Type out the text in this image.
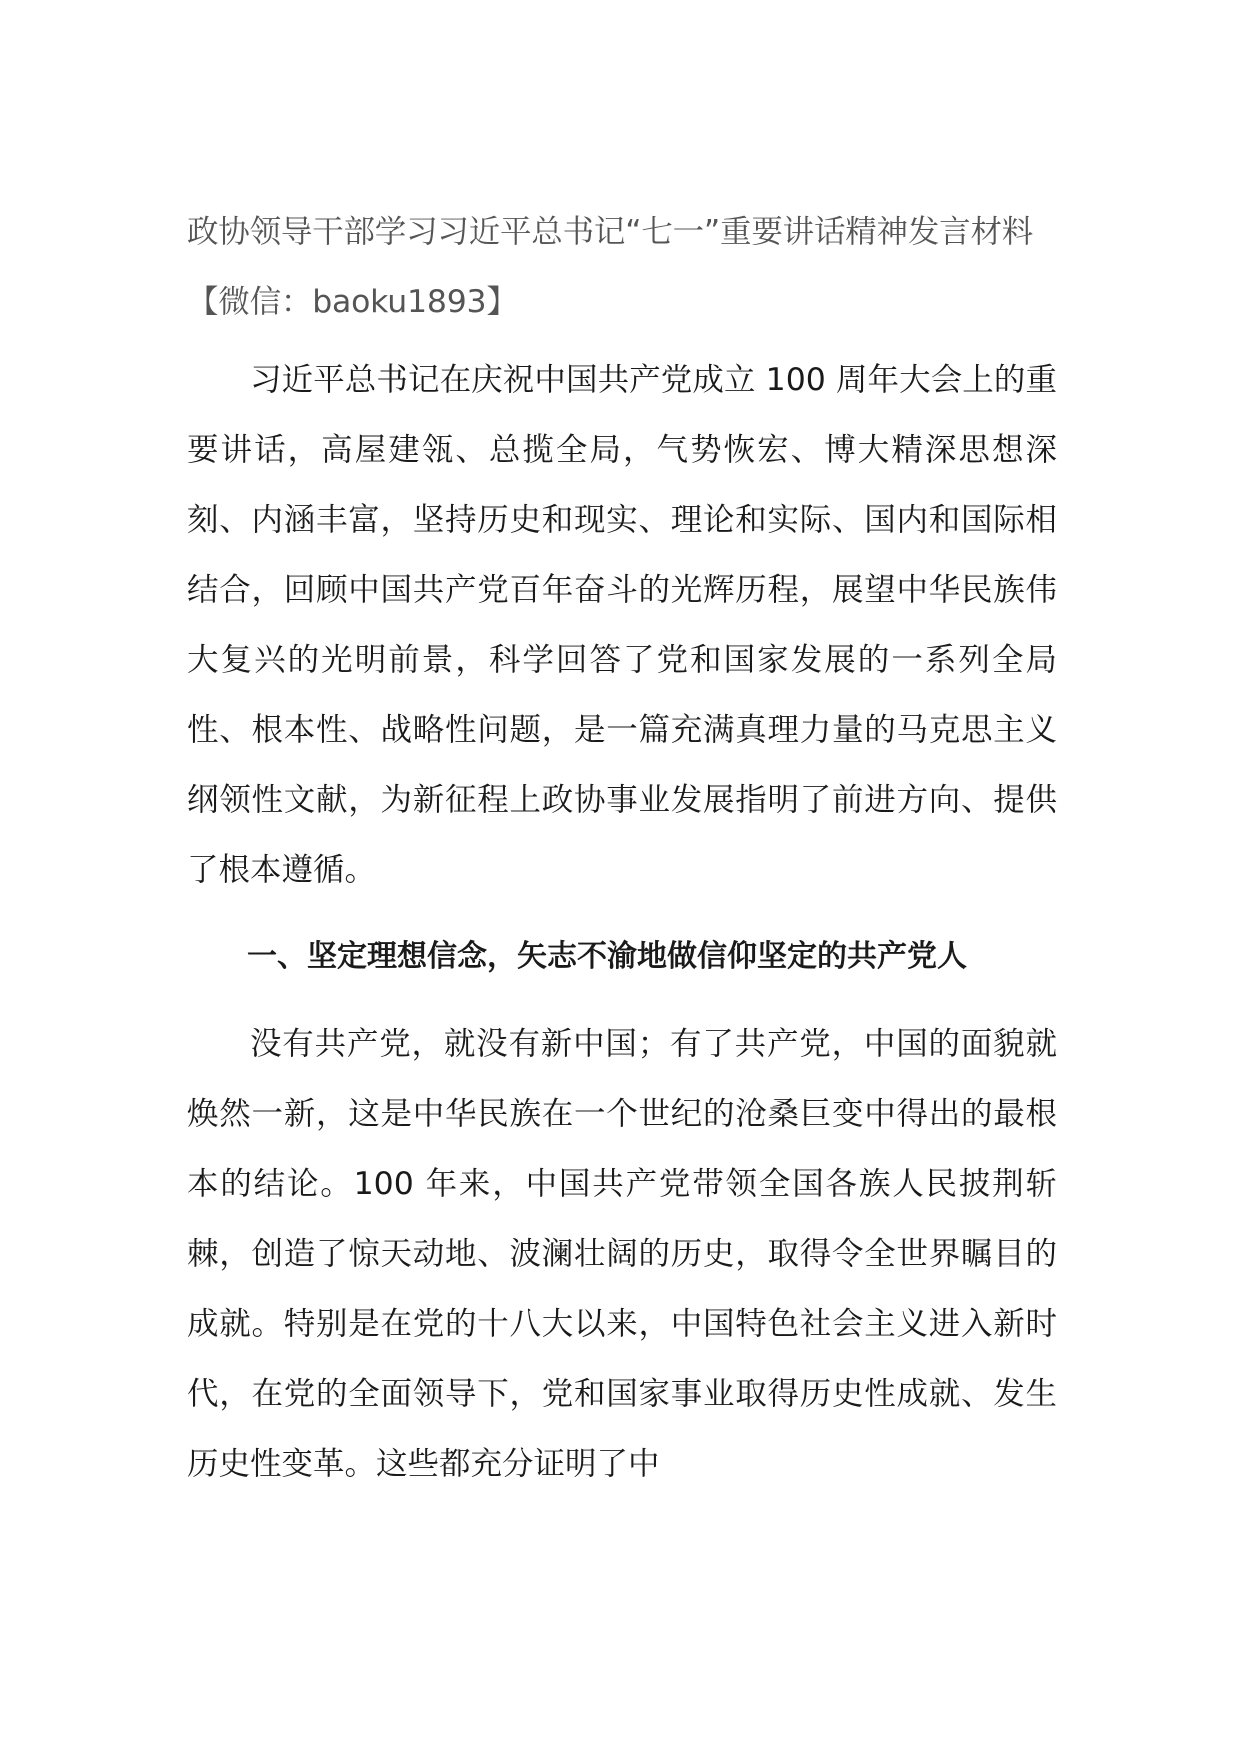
政协领导干部学习习近平总书记“七一”重要讲话精神发言材料【微信：baoku1893】
习近平总书记在庆祝中国共产党成立 100 周年大会上的重要讲话，高屋建瓴、总揽全局，气势恢宏、博大精深思想深刻、内涵丰富，坚持历史和现实、理论和实际、国内和国际相结合，回顾中国共产党百年奋斗的光辉历程，展望中华民族伟大复兴的光明前景，科学回答了党和国家发展的一系列全局性、根本性、战略性问题，是一篇充满真理力量的马克思主义纲领性文献，为新征程上政协事业发展指明了前进方向、提供了根本遵循。
一、坚定理想信念，矢志不渝地做信仰坚定的共产党人
没有共产党，就没有新中国；有了共产党，中国的面貌就焕然一新，这是中华民族在一个世纪的沧桑巨变中得出的最根本的结论。100 年来，中国共产党带领全国各族人民披荆斩棘，创造了惊天动地、波澜壮阔的历史，取得令全世界瞩目的成就。特别是在党的十八大以来，中国特色社会主义进入新时代，在党的全面领导下，党和国家事业取得历史性成就、发生历史性变革。这些都充分证明了中
